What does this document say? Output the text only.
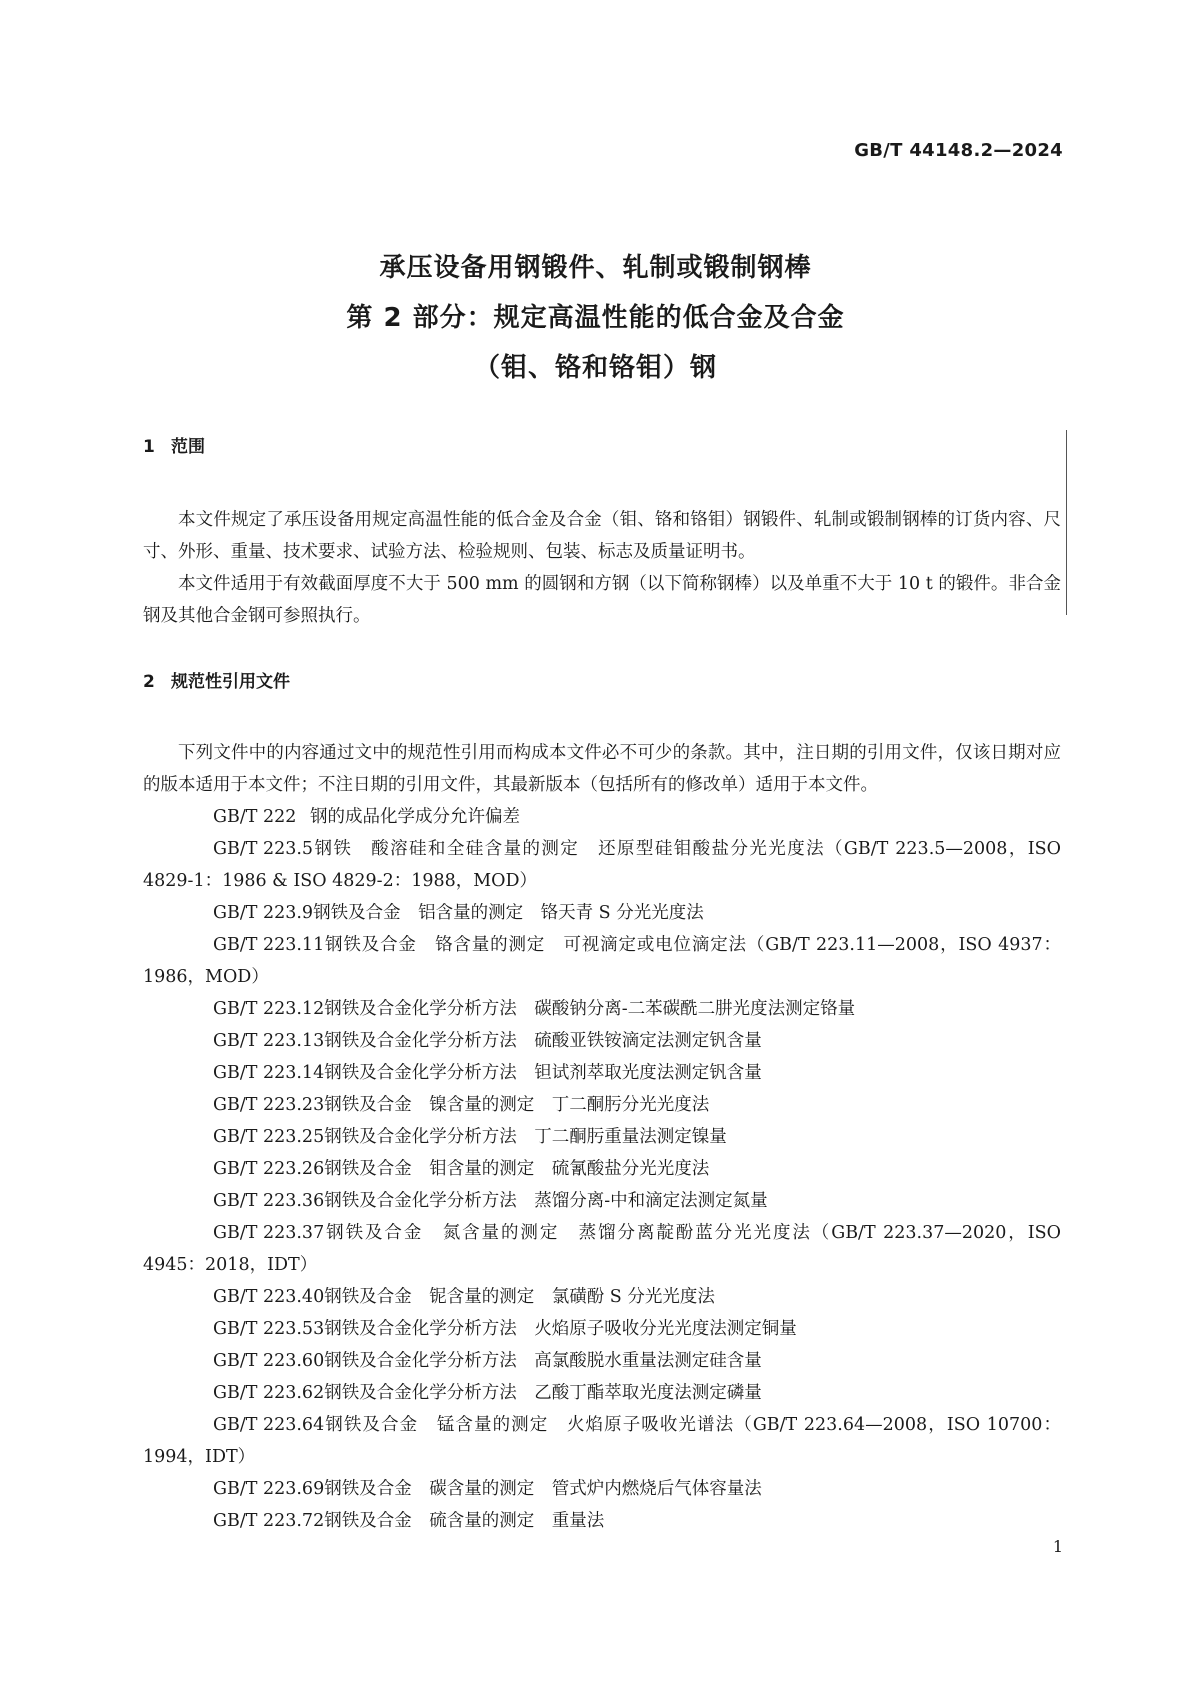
GB/T 44148.2—2024
承压设备用钢锻件、轧制或锻制钢棒
第 2 部分：规定高温性能的低合金及合金
（钼、铬和铬钼）钢
1 范围

本文件规定了承压设备用规定高温性能的低合金及合金（钼、铬和铬钼）钢锻件、轧制或锻制钢棒的订货内容、尺寸、外形、重量、技术要求、试验方法、检验规则、包装、标志及质量证明书。

本文件适用于有效截面厚度不大于 500 mm 的圆钢和方钢（以下简称钢棒）以及单重不大于 10 t 的锻件。非合金钢及其他合金钢可参照执行。

2 规范性引用文件

下列文件中的内容通过文中的规范性引用而构成本文件必不可少的条款。其中，注日期的引用文件，仅该日期对应的版本适用于本文件；不注日期的引用文件，其最新版本（包括所有的修改单）适用于本文件。

GB/T 222 钢的成品化学成分允许偏差

GB/T 223.5钢铁　酸溶硅和全硅含量的测定　还原型硅钼酸盐分光光度法（GB/T 223.5—2008，ISO 4829-1：1986 & ISO 4829-2：1988，MOD）

GB/T 223.9钢铁及合金　铝含量的测定　铬天青 S 分光光度法

GB/T 223.11钢铁及合金　铬含量的测定　可视滴定或电位滴定法（GB/T 223.11—2008，ISO 4937：1986，MOD）

GB/T 223.12钢铁及合金化学分析方法　碳酸钠分离-二苯碳酰二肼光度法测定铬量

GB/T 223.13钢铁及合金化学分析方法　硫酸亚铁铵滴定法测定钒含量

GB/T 223.14钢铁及合金化学分析方法　钽试剂萃取光度法测定钒含量

GB/T 223.23钢铁及合金　镍含量的测定　丁二酮肟分光光度法

GB/T 223.25钢铁及合金化学分析方法　丁二酮肟重量法测定镍量

GB/T 223.26钢铁及合金　钼含量的测定　硫氰酸盐分光光度法

GB/T 223.36钢铁及合金化学分析方法　蒸馏分离-中和滴定法测定氮量

GB/T 223.37钢铁及合金　氮含量的测定　蒸馏分离靛酚蓝分光光度法（GB/T 223.37—2020，ISO 4945：2018，IDT）

GB/T 223.40钢铁及合金　铌含量的测定　氯磺酚 S 分光光度法

GB/T 223.53钢铁及合金化学分析方法　火焰原子吸收分光光度法测定铜量

GB/T 223.60钢铁及合金化学分析方法　高氯酸脱水重量法测定硅含量

GB/T 223.62钢铁及合金化学分析方法　乙酸丁酯萃取光度法测定磷量

GB/T 223.64钢铁及合金　锰含量的测定　火焰原子吸收光谱法（GB/T 223.64—2008，ISO 10700：1994，IDT）

GB/T 223.69钢铁及合金　碳含量的测定　管式炉内燃烧后气体容量法

GB/T 223.72钢铁及合金　硫含量的测定　重量法

1
